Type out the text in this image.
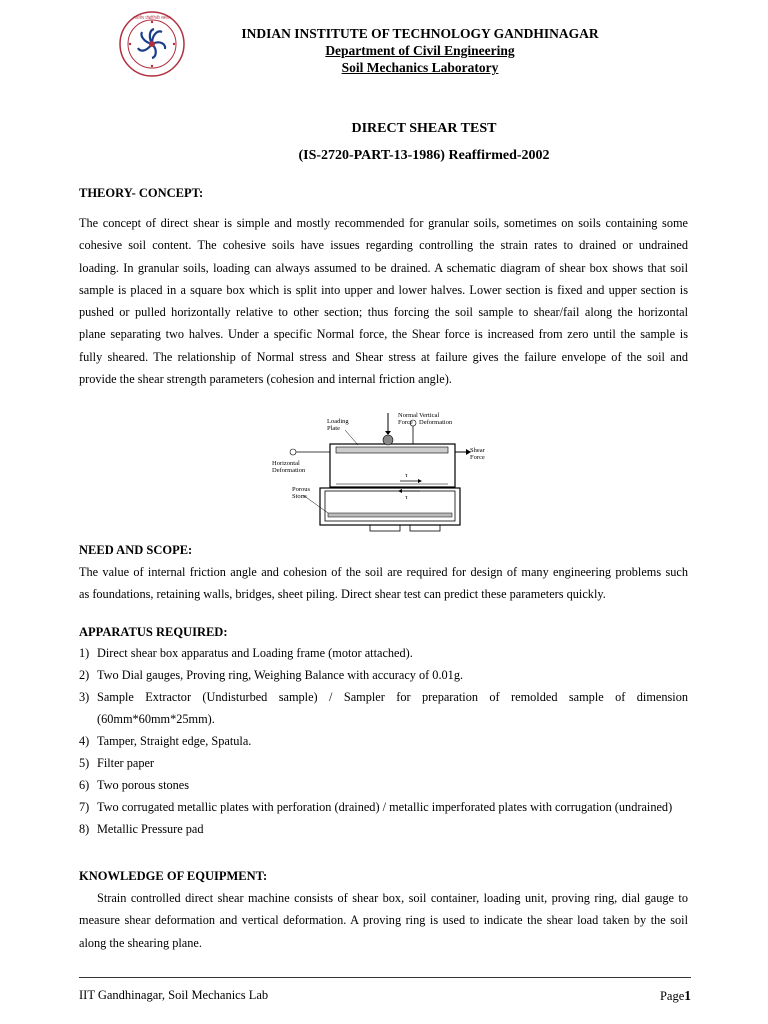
भारतीय प्रौद्योगिकी संस्थान
INDIAN INSTITUTE OF TECHNOLOGY GANDHINAGAR
Department of Civil Engineering
Soil Mechanics Laboratory
DIRECT SHEAR TEST
(IS-2720-PART-13-1986) Reaffirmed-2002
THEORY- CONCEPT:
The concept of direct shear is simple and mostly recommended for granular soils, sometimes on soils containing some
cohesive soil content. The cohesive soils have issues regarding controlling the strain rates to drained or undrained
loading. In granular soils, loading can always assumed to be drained. A schematic diagram of shear box shows that soil
sample is placed in a square box which is split into upper and lower halves. Lower section is fixed and upper section is
pushed or pulled horizontally relative to other section; thus forcing the soil sample to shear/fail along the horizontal
plane separating two halves. Under a specific Normal force, the Shear force is increased from zero until the sample is
fully sheared. The relationship of Normal stress and Shear stress at failure gives the failure envelope of the soil and
provide the shear strength parameters (cohesion and internal friction angle).
Loading Plate
Normal Force
Vertical Deformation
Shear Force
Horizontal Deformation
Porous Stone
τ
τ
NEED AND SCOPE:
The value of internal friction angle and cohesion of the soil are required for design of many engineering problems such
as foundations, retaining walls, bridges, sheet piling. Direct shear test can predict these parameters quickly.
APPARATUS REQUIRED:
1) Direct shear box apparatus and Loading frame (motor attached).
2) Two Dial gauges, Proving ring, Weighing Balance with accuracy of 0.01g.
3) Sample Extractor (Undisturbed sample) / Sampler for preparation of remolded sample of dimension
(60mm*60mm*25mm).
4) Tamper, Straight edge, Spatula.
5) Filter paper
6) Two porous stones
7) Two corrugated metallic plates with perforation (drained) / metallic imperforated plates with corrugation (undrained)
8) Metallic Pressure pad
KNOWLEDGE OF EQUIPMENT:
Strain controlled direct shear machine consists of shear box, soil container, loading unit, proving ring, dial gauge to
measure shear deformation and vertical deformation. A proving ring is used to indicate the shear load taken by the soil
along the shearing plane.
IIT Gandhinagar, Soil Mechanics Lab	Page1
